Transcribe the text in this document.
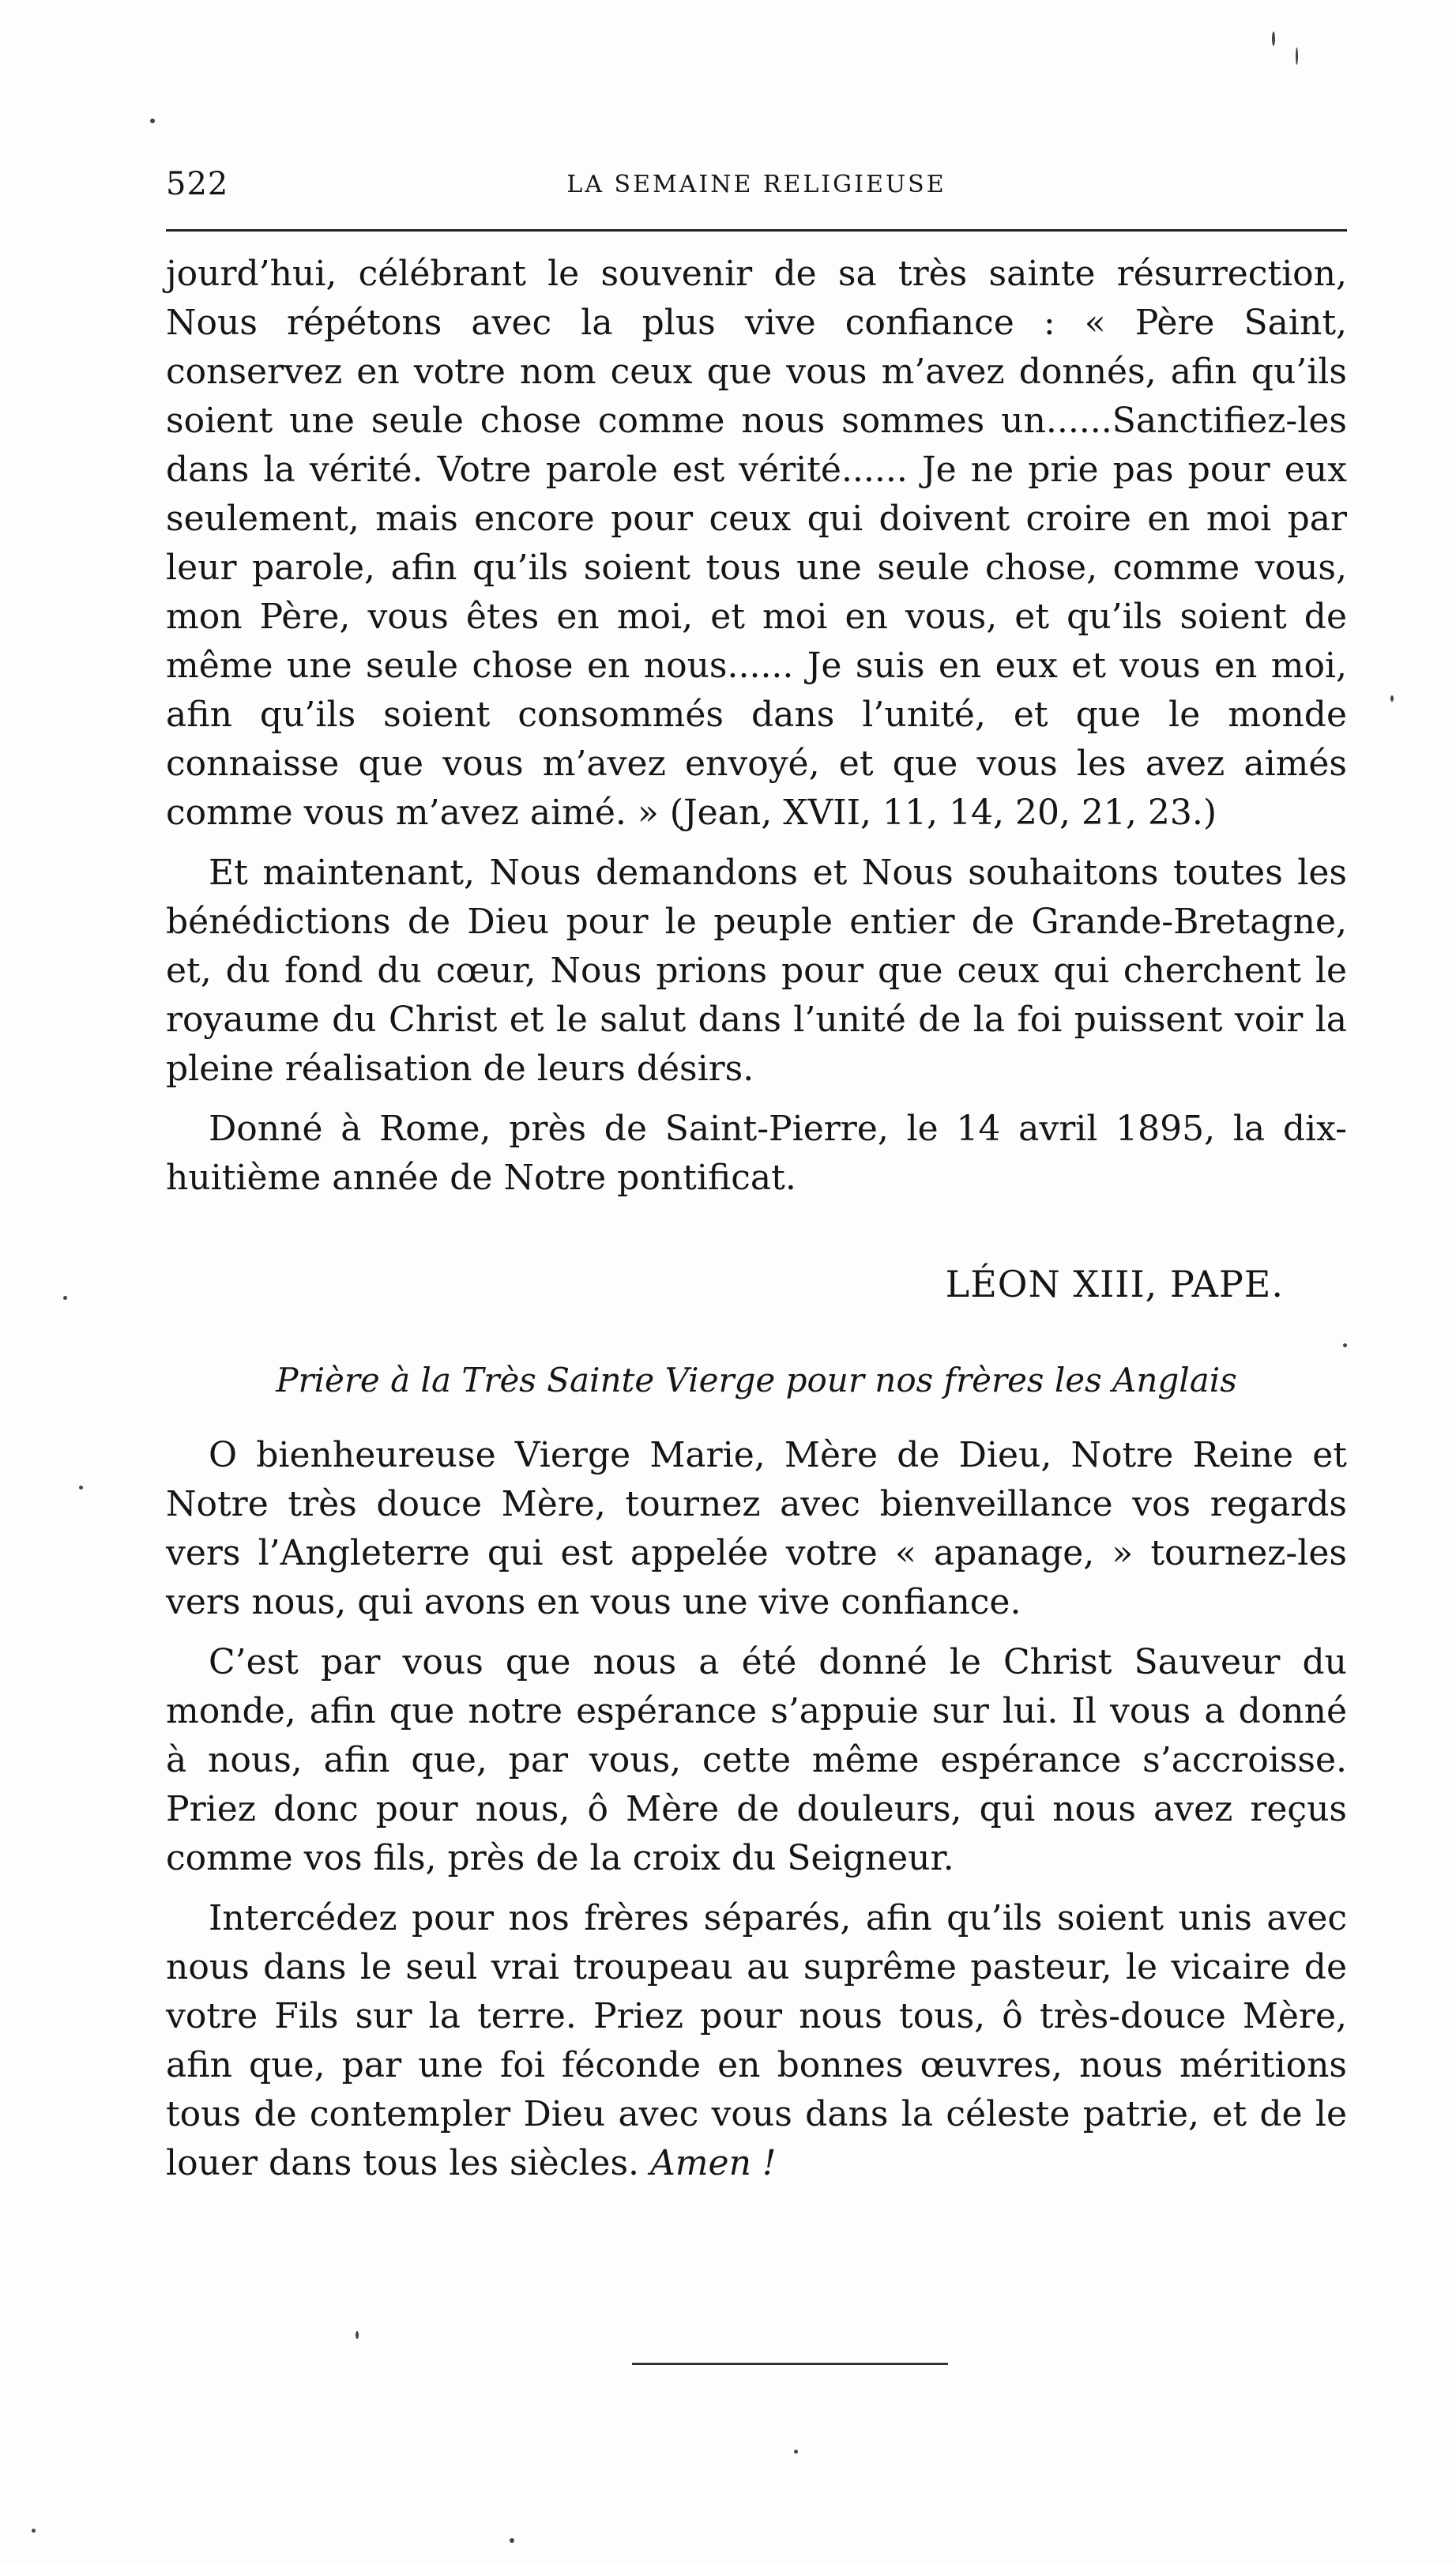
522	LA SEMAINE RELIGIEUSE

jourd’hui, célébrant le souvenir de sa très sainte résurrection, Nous répétons avec la plus vive confiance : « Père Saint, conservez en votre nom ceux que vous m’avez donnés, afin qu’ils soient une seule chose comme nous sommes un......Sanctifiez-les dans la vérité. Votre parole est vérité...... Je ne prie pas pour eux seulement, mais encore pour ceux qui doivent croire en moi par leur parole, afin qu’ils soient tous une seule chose, comme vous, mon Père, vous êtes en moi, et moi en vous, et qu’ils soient de même une seule chose en nous...... Je suis en eux et vous en moi, afin qu’ils soient consommés dans l’unité, et que le monde connaisse que vous m’avez envoyé, et que vous les avez aimés comme vous m’avez aimé. » (Jean, XVII, 11, 14, 20, 21, 23.)

Et maintenant, Nous demandons et Nous souhaitons toutes les bénédictions de Dieu pour le peuple entier de Grande-Bretagne, et, du fond du cœur, Nous prions pour que ceux qui cherchent le royaume du Christ et le salut dans l’unité de la foi puissent voir la pleine réalisation de leurs désirs.

Donné à Rome, près de Saint-Pierre, le 14 avril 1895, la dix-huitième année de Notre pontificat.

LÉON XIII, PAPE.
Prière à la Très Sainte Vierge pour nos frères les Anglais

O bienheureuse Vierge Marie, Mère de Dieu, Notre Reine et Notre très douce Mère, tournez avec bienveillance vos regards vers l’Angleterre qui est appelée votre « apanage, » tournez-les vers nous, qui avons en vous une vive confiance.

C’est par vous que nous a été donné le Christ Sauveur du monde, afin que notre espérance s’appuie sur lui. Il vous a donné à nous, afin que, par vous, cette même espérance s’accroisse. Priez donc pour nous, ô Mère de douleurs, qui nous avez reçus comme vos fils, près de la croix du Seigneur.

Intercédez pour nos frères séparés, afin qu’ils soient unis avec nous dans le seul vrai troupeau au suprême pasteur, le vicaire de votre Fils sur la terre. Priez pour nous tous, ô très-douce Mère, afin que, par une foi féconde en bonnes œuvres, nous méritions tous de contempler Dieu avec vous dans la céleste patrie, et de le louer dans tous les siècles. Amen !
